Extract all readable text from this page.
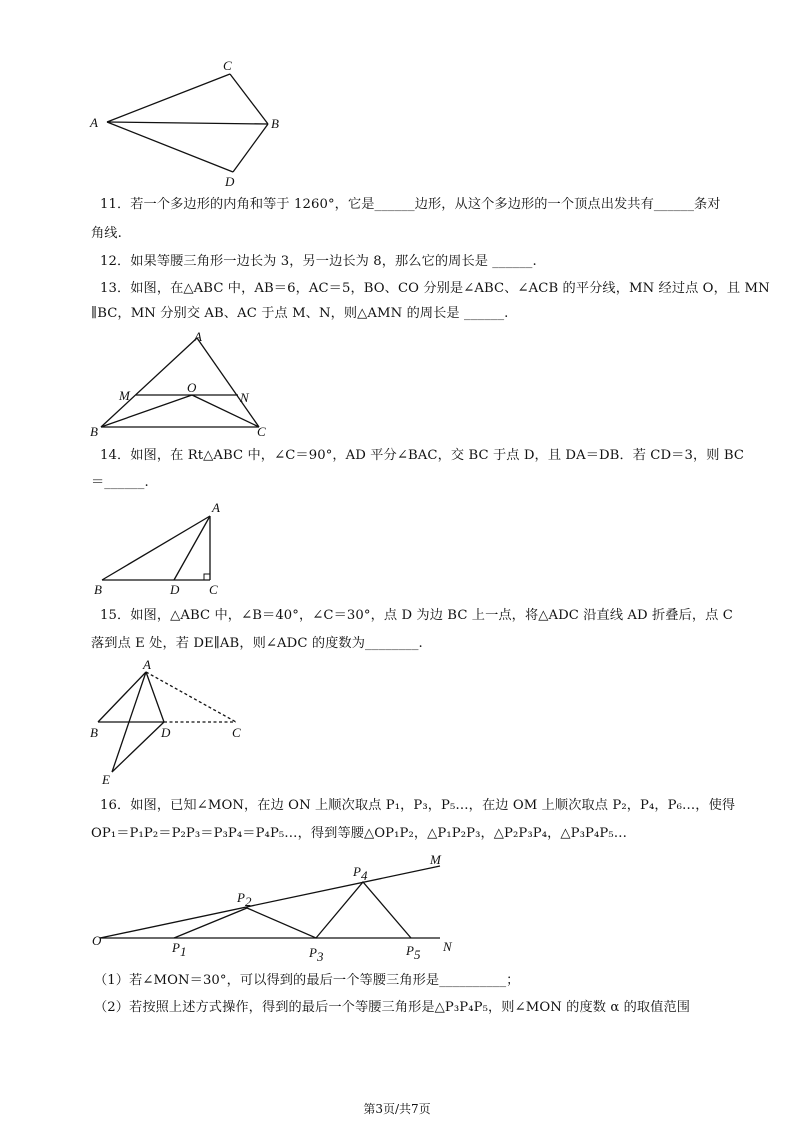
A	B
C
D
11．若一个多边形的内角和等于 1260°，它是______边形，从这个多边形的一个顶点出发共有______条对
角线.
12．如果等腰三角形一边长为 3，另一边长为 8，那么它的周长是 ______.
13．如图，在△ABC 中，AB＝6，AC＝5，BO、CO 分别是∠ABC、∠ACB 的平分线，MN 经过点 O，且 MN
∥BC，MN 分别交 AB、AC 于点 M、N，则△AMN 的周长是 ______.
A
B	C
M	N
O
14．如图，在 Rt△ABC 中，∠C＝90°，AD 平分∠BAC，交 BC 于点 D，且 DA＝DB．若 CD＝3，则 BC
＝______.
A
B	C
D
15．如图，△ABC 中，∠B＝40°，∠C＝30°，点 D 为边 BC 上一点，将△ADC 沿直线 AD 折叠后，点 C
落到点 E 处，若 DE∥AB，则∠ADC 的度数为________.
A
B	C
D
E
16．如图，已知∠MON，在边 ON 上顺次取点 P₁，P₃，P₅…，在边 OM 上顺次取点 P₂，P₄，P₆…，使得
OP₁＝P₁P₂＝P₂P₃＝P₃P₄＝P₄P₅…，得到等腰△OP₁P₂，△P₁P₂P₃，△P₂P₃P₄，△P₃P₄P₅…
O
M
N
P1
P2
P3
P4
P5
（1）若∠MON＝30°，可以得到的最后一个等腰三角形是__________；
（2）若按照上述方式操作，得到的最后一个等腰三角形是△P₃P₄P₅，则∠MON 的度数 α 的取值范围
第3页/共7页
